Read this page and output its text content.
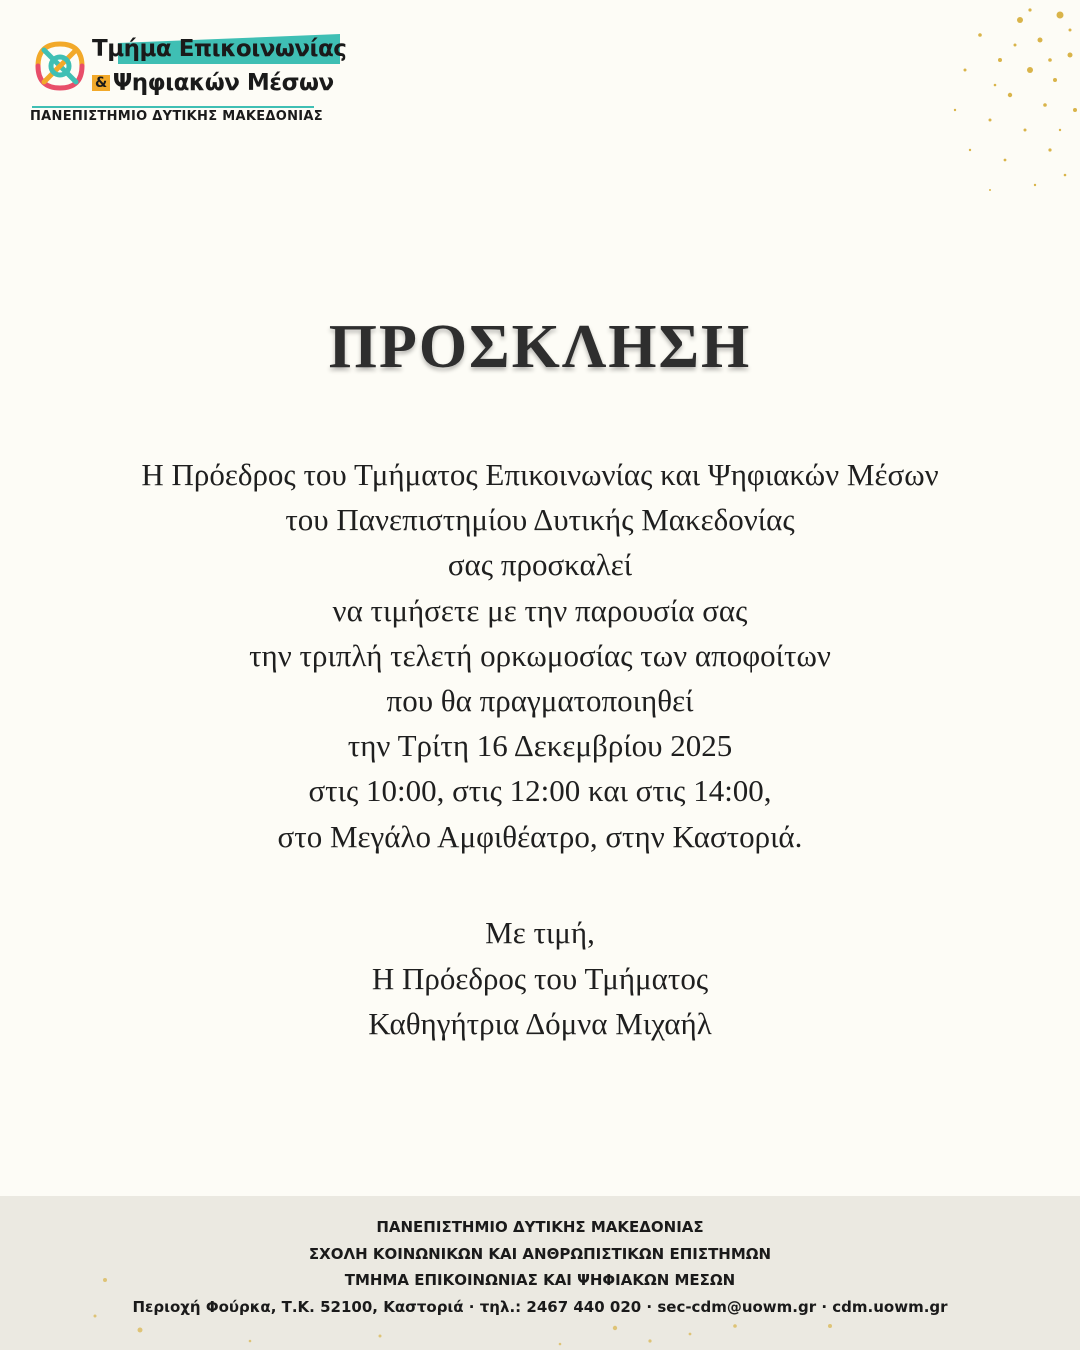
Τμήμα Επικοινωνίας
& Ψηφιακών Μέσων
ΠΑΝΕΠΙΣΤΗΜΙΟ ΔΥΤΙΚΗΣ ΜΑΚΕΔΟΝΙΑΣ
ΠΡΟΣΚΛΗΣΗ
Η Πρόεδρος του Τμήματος Επικοινωνίας και Ψηφιακών Μέσων
του Πανεπιστημίου Δυτικής Μακεδονίας
σας προσκαλεί
να τιμήσετε με την παρουσία σας
την τριπλή τελετή ορκωμοσίας των αποφοίτων
που θα πραγματοποιηθεί
την Τρίτη 16 Δεκεμβρίου 2025
στις 10:00, στις 12:00 και στις 14:00,
στο Μεγάλο Αμφιθέατρο, στην Καστοριά.
Με τιμή,
Η Πρόεδρος του Τμήματος
Καθηγήτρια Δόμνα Μιχαήλ
ΠΑΝΕΠΙΣΤΗΜΙΟ ΔΥΤΙΚΗΣ ΜΑΚΕΔΟΝΙΑΣ
ΣΧΟΛΗ ΚΟΙΝΩΝΙΚΩΝ ΚΑΙ ΑΝΘΡΩΠΙΣΤΙΚΩΝ ΕΠΙΣΤΗΜΩΝ
ΤΜΗΜΑ ΕΠΙΚΟΙΝΩΝΙΑΣ ΚΑΙ ΨΗΦΙΑΚΩΝ ΜΕΣΩΝ
Περιοχή Φούρκα, Τ.Κ. 52100, Καστοριά · τηλ.: 2467 440 020 · sec-cdm@uowm.gr · cdm.uowm.gr
